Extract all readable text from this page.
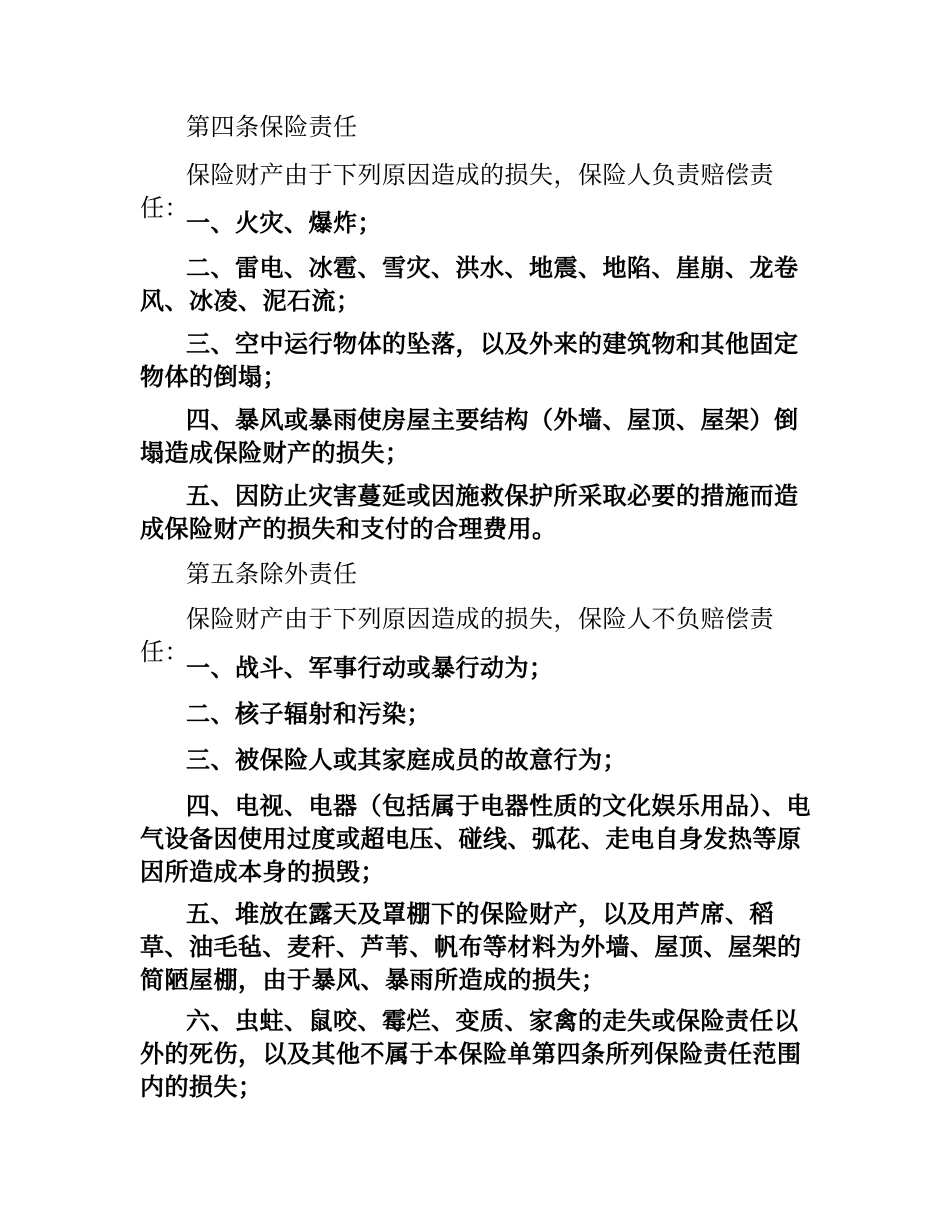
第四条保险责任

保险财产由于下列原因造成的损失，保险人负责赔偿责任：

一、火灾、爆炸；

二、雷电、冰雹、雪灾、洪水、地震、地陷、崖崩、龙卷风、冰凌、泥石流；

三、空中运行物体的坠落，以及外来的建筑物和其他固定物体的倒塌；

四、暴风或暴雨使房屋主要结构（外墙、屋顶、屋架）倒塌造成保险财产的损失；

五、因防止灾害蔓延或因施救保护所采取必要的措施而造成保险财产的损失和支付的合理费用。

第五条除外责任

保险财产由于下列原因造成的损失，保险人不负赔偿责任：

一、战斗、军事行动或暴行动为；

二、核子辐射和污染；

三、被保险人或其家庭成员的故意行为；

四、电视、电器（包括属于电器性质的文化娱乐用品）、电气设备因使用过度或超电压、碰线、弧花、走电自身发热等原因所造成本身的损毁；

五、堆放在露天及罩棚下的保险财产，以及用芦席、稻草、油毛毡、麦秆、芦苇、帆布等材料为外墙、屋顶、屋架的简陋屋棚，由于暴风、暴雨所造成的损失；

六、虫蛀、鼠咬、霉烂、变质、家禽的走失或保险责任以外的死伤，以及其他不属于本保险单第四条所列保险责任范围内的损失；
